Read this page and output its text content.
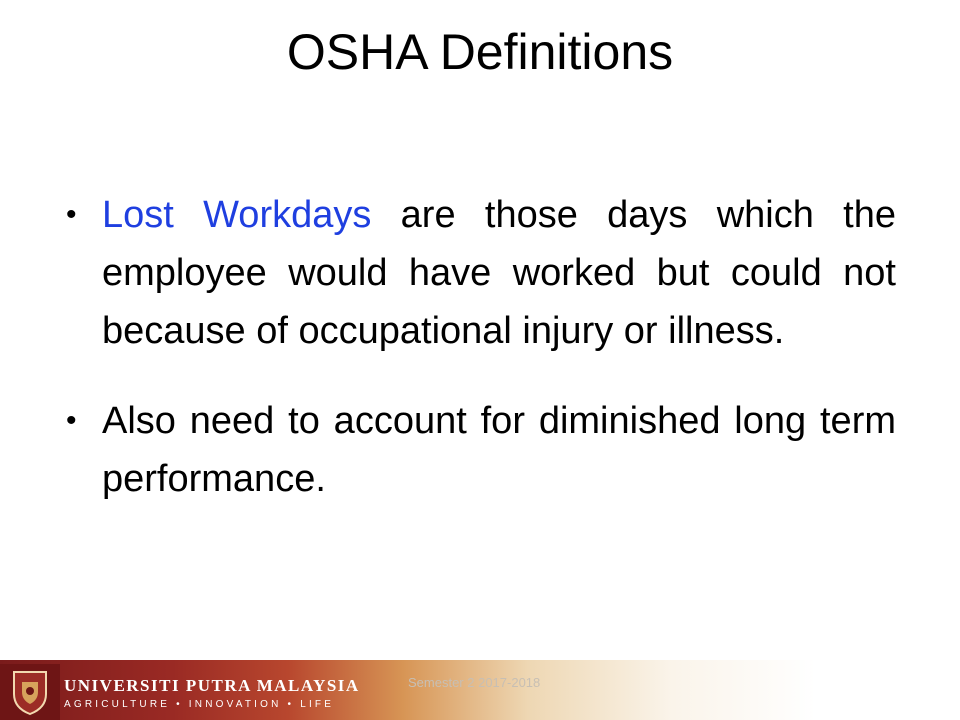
OSHA Definitions
• Lost Workdays are those days which the employee would have worked but could not because of occupational injury or illness.
• Also need to account for diminished long term performance.
UNIVERSITI PUTRA MALAYSIA
AGRICULTURE • INNOVATION • LIFE
Semester 2 2017-2018
